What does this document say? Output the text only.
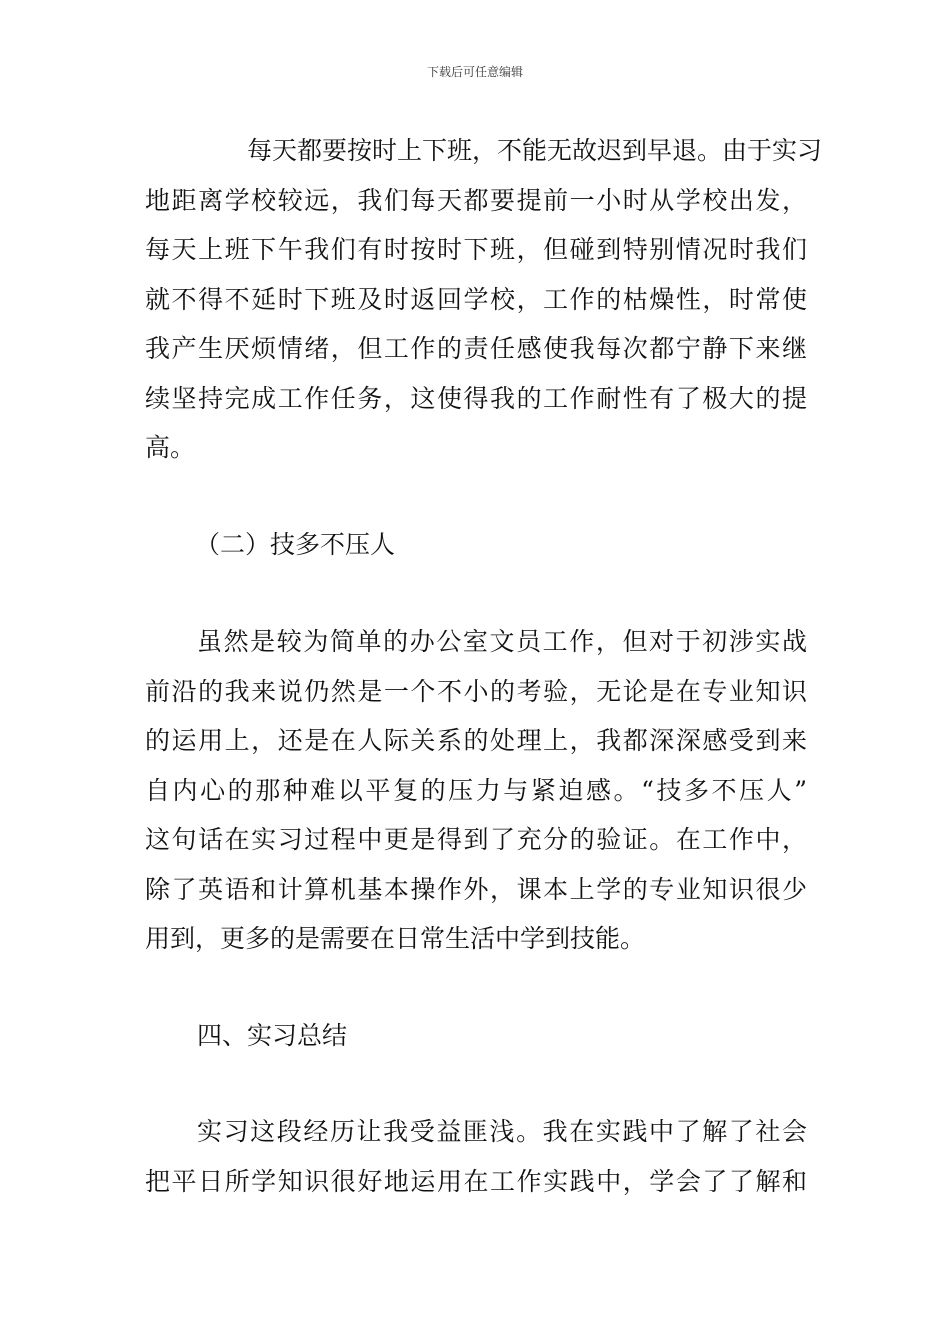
下载后可任意编辑
每天都要按时上下班，不能无故迟到早退。由于实习
地距离学校较远，我们每天都要提前一小时从学校出发，
每天上班下午我们有时按时下班，但碰到特别情况时我们
就不得不延时下班及时返回学校，工作的枯燥性，时常使
我产生厌烦情绪，但工作的责任感使我每次都宁静下来继
续坚持完成工作任务，这使得我的工作耐性有了极大的提
高。
（二）技多不压人
虽然是较为简单的办公室文员工作，但对于初涉实战
前沿的我来说仍然是一个不小的考验，无论是在专业知识
的运用上，还是在人际关系的处理上，我都深深感受到来
自内心的那种难以平复的压力与紧迫感。“技多不压人”
这句话在实习过程中更是得到了充分的验证。在工作中，
除了英语和计算机基本操作外，课本上学的专业知识很少
用到，更多的是需要在日常生活中学到技能。
四、实习总结
实习这段经历让我受益匪浅。我在实践中了解了社会
把平日所学知识很好地运用在工作实践中，学会了了解和
